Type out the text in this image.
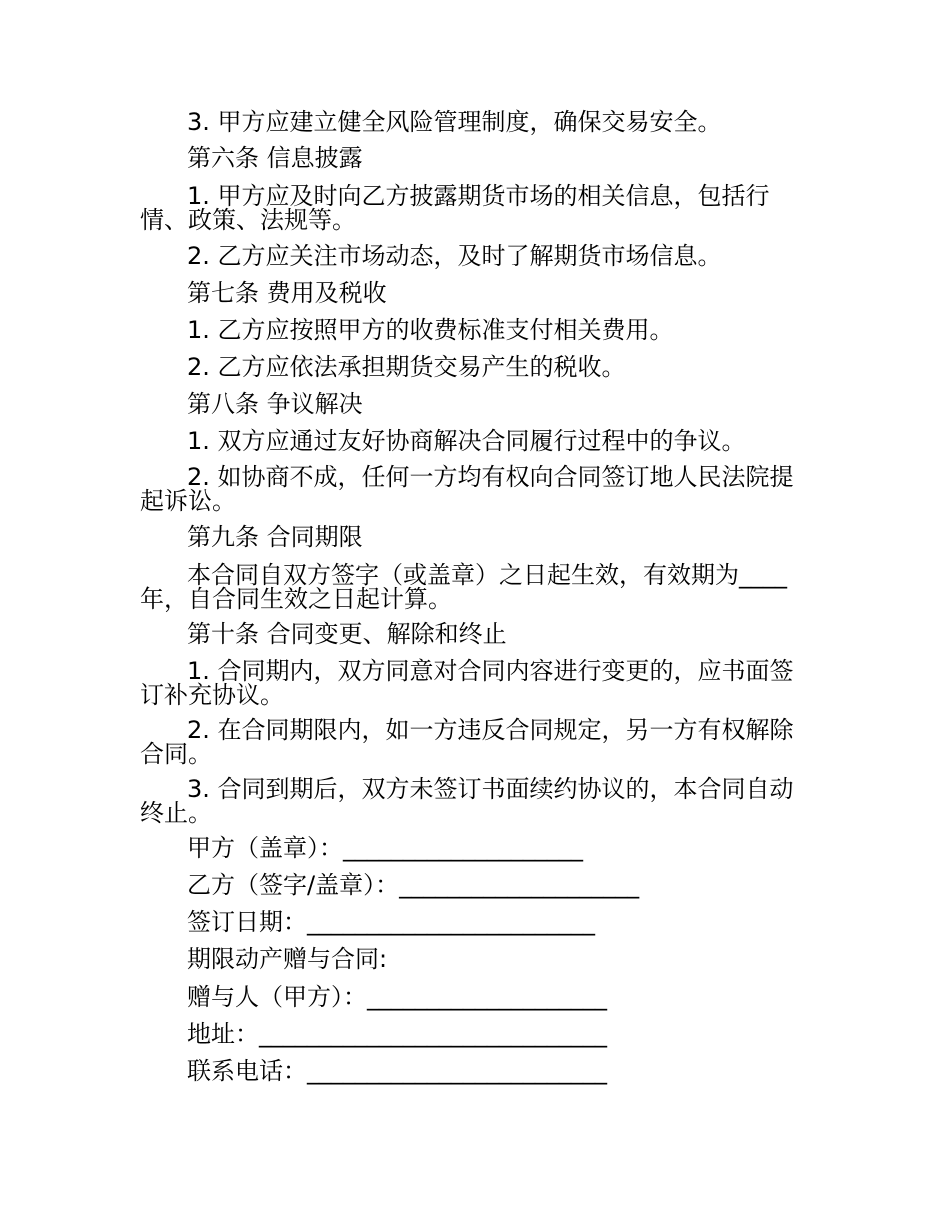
3. 甲方应建立健全风险管理制度，确保交易安全。

第六条 信息披露

1. 甲方应及时向乙方披露期货市场的相关信息，包括行

情、政策、法规等。

2. 乙方应关注市场动态，及时了解期货市场信息。

第七条 费用及税收

1. 乙方应按照甲方的收费标准支付相关费用。

2. 乙方应依法承担期货交易产生的税收。

第八条 争议解决

1. 双方应通过友好协商解决合同履行过程中的争议。

2. 如协商不成，任何一方均有权向合同签订地人民法院提

起诉讼。

第九条 合同期限

本合同自双方签字（或盖章）之日起生效，有效期为____

年，自合同生效之日起计算。

第十条 合同变更、解除和终止

1. 合同期内，双方同意对合同内容进行变更的，应书面签

订补充协议。

2. 在合同期限内，如一方违反合同规定，另一方有权解除

合同。

3. 合同到期后，双方未签订书面续约协议的，本合同自动

终止。

甲方（盖章）：____________________

乙方（签字/盖章）：____________________

签订日期：________________________

期限动产赠与合同:

赠与人（甲方）：____________________

地址：_____________________________

联系电话：_________________________
